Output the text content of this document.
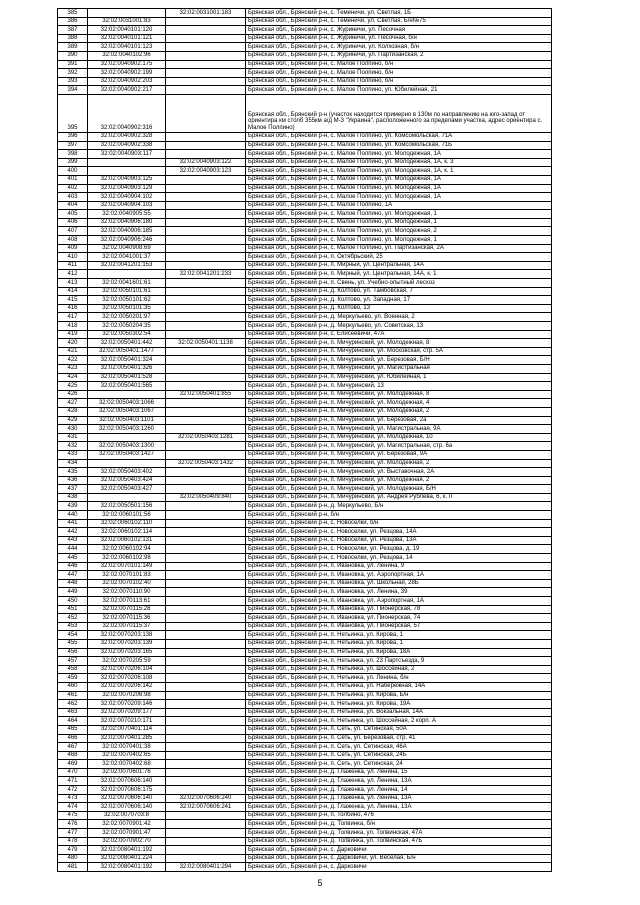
385		32:02:0031001:183	Брянская обл., Брянский р-н, с. Теменичи, ул. Светлая, 1Б
386	32:02:0031001:83		Брянская обл., Брянский р-н, с. Теменичи, ул. Светлая, Б/н№75
387	32:02:0040101:120		Брянская обл., Брянский р-н, с. Журиничи, ул. Песочная
388	32:02:0040101:121		Брянская обл., Брянский р-н, с. Журиничи, ул. Песочная, б/н
389	32:02:0040101:123		Брянская обл., Брянский р-н, с. Журиничи, ул. Колхозная, б/н
390	32:02:0040102:96		Брянская обл., Брянский р-н, с. Журиничи, ул. Партизанская, 2
391	32:02:0040902:175		Брянская обл., Брянский р-н, с. Малое Полпино, б/н
392	32:02:0040902:199		Брянская обл., Брянский р-н, с. Малое Полпино, б/н
393	32:02:0040902:203		Брянская обл., Брянский р-н, с. Малое Полпино, б/н
394	32:02:0040902:217		Брянская обл., Брянский р-н, с. Малое Полпино, ул. Юбилейная, 21
395	32:02:0040902:316		Брянская обл., Брянский р-н (участок находится примерно в 130м по направлению на юго-запад от ориентира км столб 355км а/д М-3 "Украина", расположенного за пределами участка, адрес ориентира с. Малое Полпино)
396	32:02:0040902:328		Брянская обл., Брянский р-н, с. Малое Полпино, ул. Комсомольская, 71А
397	32:02:0040902:338		Брянская обл., Брянский р-н, с. Малое Полпино, ул. Комсомольская, 71Б
398	32:02:0040903:117		Брянская обл., Брянский р-н, с. Малое Полпино, ул. Молодежная, 1А
399		32:02:0040903:122	Брянская обл., Брянский р-н, с. Малое Полпино, ул. Молодежная, 1А, к. 3
400		32:02:0040903:123	Брянская обл., Брянский р-н, с. Малое Полпино, ул. Молодежная, 1А, к. 1
401	32:02:0040903:125		Брянская обл., Брянский р-н, с. Малое Полпино, ул. Молодежная, 1А
402	32:02:0040903:129		Брянская обл., Брянский р-н, с. Малое Полпино, ул. Молодежная, 1А
403	32:02:0040904:102		Брянская обл., Брянский р-н, с. Малое Полпино, ул. Молодежная, 1А
404	32:02:0040904:103		Брянская обл., Брянский р-н, с. Малое Полпино, 1А
405	32:02:0040905:55		Брянская обл., Брянский р-н, с. Малое Полпино, ул. Молодежная, 1
406	32:02:0040906:180		Брянская обл., Брянский р-н, с. Малое Полпино, ул. Молодежная, 1
407	32:02:0040906:185		Брянская обл., Брянский р-н, с. Малое Полпино, ул. Молодежная, 2
408	32:02:0040906:246		Брянская обл., Брянский р-н, с. Малое Полпино, ул. Молодежная, 1
409	32:02:0040908:69		Брянская обл., Брянский р-н, с. Малое Полпино, ул. Партизанская, 2А
410	32:02:0041001:37		Брянская обл., Брянский р-н, п. Октябрьский, 25
411	32:02:0041201:153		Брянская обл., Брянский р-н, п. Мирный, ул. Центральная, 14А
412		32:02:0041201:233	Брянская обл., Брянский р-н, п. Мирный, ул. Центральная, 14А, к. 1
413	32:02:0041601:61		Брянская обл., Брянский р-н, п. Свень, ул. Учебно-опытный лесхоз
414	32:02:0050101:61		Брянская обл., Брянский р-н, д. Колтово, ул. Тамбовская, 7
415	32:02:0050101:62		Брянская обл., Брянский р-н, д. Колтово, ул. Западная, 17
416	32:02:0050101:35		Брянская обл., Брянский р-н, д. Колтово, 13
417	32:02:0050201:97		Брянская обл., Брянский р-н, д. Меркульево, ул. Военная, 2
418	32:02:0050204:35		Брянская обл., Брянский р-н, д. Меркульево, ул. Советская, 13
419	32:02:0050302:54		Брянская обл., Брянский р-н, с. Елисеевичи, 47А
420	32:02:0050401:442	32:02:0050401:1138	Брянская обл., Брянский р-н, п. Мичуринский, ул. Молодежная, 8
421	32:02:0050401:1477		Брянская обл., Брянский р-н, п. Мичуринский, ул. Московская, стр. 5А
422	32:02:0050401:324		Брянская обл., Брянский р-н, п. Мичуринский, ул. Березовая, Б/Н
423	32:02:0050401:326		Брянская обл., Брянский р-н, п. Мичуринский, ул. Магистральная
424	32:02:0050401:528		Брянская обл., Брянский р-н, п. Мичуринский, ул. Юбилейная, 1
425	32:02:0050401:565		Брянская обл., Брянский р-н, п. Мичуринский, 13
426		32:02:0050401:855	Брянская обл., Брянский р-н, п. Мичуринский, ул. Молодежная, 8
427	32:02:0050403:1066		Брянская обл., Брянский р-н, п. Мичуринский, ул. Молодежная, 4
428	32:02:0050403:1067		Брянская обл., Брянский р-н, п. Мичуринский, ул. Молодежная, 2
429	32:02:0050403:1101		Брянская обл., Брянский р-н, п. Мичуринский, ул. Березовая, 2а
430	32:02:0050403:1260		Брянская обл., Брянский р-н, п. Мичуринский, ул. Магистральная, 9А
431		32:02:0050403:1281	Брянская обл., Брянский р-н, п. Мичуринский, ул. Молодежная, 10
432	32:02:0050403:1300		Брянская обл., Брянский р-н, п. Мичуринский, ул. Магистральная, стр. 6а
433	32:02:0050403:1427		Брянская обл., Брянский р-н, п. Мичуринский, ул. Березовая, 9А
434		32:02:0050403:1432	Брянская обл., Брянский р-н, п. Мичуринский, ул. Молодежная, 2
435	32:02:0050403:402		Брянская обл., Брянский р-н, п. Мичуринский, ул. Выставочная, 2А
436	32:02:0050403:424		Брянская обл., Брянский р-н, п. Мичуринский, ул. Молодежная, 2
437	32:02:0050403:427		Брянская обл., Брянский р-н, п. Мичуринский, ул. Молодежная, Б/Н
438		32:02:0050409:840	Брянская обл., Брянский р-н, п. Мичуринский, ул. Андрея Рублева, 6, к. II
439	32:02:0050501:156		Брянская обл., Брянский р-н, д. Меркульево, Б/н
440	32:02:0060101:56		Брянская обл., Брянский р-н, б/н
441	32:02:0060102:110		Брянская обл., Брянский р-н, с. Новоселки, б/н
442	32:02:0060102:114		Брянская обл., Брянский р-н, с. Новоселки, ул. Резцова, 14А
443	32:02:0060102:131		Брянская обл., Брянский р-н, с. Новоселки, ул. Резцова, 13А
444	32:02:0060102:94		Брянская обл., Брянский р-н, с. Новоселки, ул. Резцова, д. 19
445	32:02:0060102:98		Брянская обл., Брянский р-н, с. Новоселки, ул. Резцова, 14
446	32:02:0070101:149		Брянская обл., Брянский р-н, п. Ивановка, ул. Ленина, 9
447	32:02:0070101:83		Брянская обл., Брянский р-н, п. Ивановка, ул. Аэропортная, 1А
448	32:02:0070102:40		Брянская обл., Брянский р-н, п. Ивановка, ул. Школьная, 28Б
449	32:02:0070110:90		Брянская обл., Брянский р-н, п. Ивановка, ул. Ленина, 39
450	32:02:0070113:61		Брянская обл., Брянский р-н, п. Ивановка, ул. Аэропортная, 1А
451	32:02:0070115:28		Брянская обл., Брянский р-н, п. Ивановка, ул. Пионерская, 78
452	32:02:0070115:36		Брянская обл., Брянский р-н, п. Ивановка, ул. Пионерская, 74
453	32:02:0070115:37		Брянская обл., Брянский р-н, п. Ивановка, ул. Пионерская, 57
454	32:02:0070203:138		Брянская обл., Брянский р-н, п. Нетьинка, ул. Кирова, 1
455	32:02:0070203:139		Брянская обл., Брянский р-н, п. Нетьинка, ул. Кирова, 1
456	32:02:0070203:165		Брянская обл., Брянский р-н, п. Нетьинка, ул. Кирова, 18А
457	32:02:0070205:59		Брянская обл., Брянский р-н, п. Нетьинка, ул. 23 Партсъезда, 9
458	32:02:0070206:104		Брянская обл., Брянский р-н, п. Нетьинка, ул. Шоссейная, 2
459	32:02:0070206:108		Брянская обл., Брянский р-н, п. Нетьинка, ул. Ленина, б/н
460	32:02:0070206:142		Брянская обл., Брянский р-н, п. Нетьинка, ул. Набережная, 14А
461	32:02:0070206:98		Брянская обл., Брянский р-н, п. Нетьинка, ул. Кирова, Б/н
462	32:02:0070209:146		Брянская обл., Брянский р-н, п. Нетьинка, ул. Кирова, 19А
463	32:02:0070209:177		Брянская обл., Брянский р-н, п. Нетьинка, ул. Вокзальная, 14А
464	32:02:0070210:171		Брянская обл., Брянский р-н, п. Нетьинка, ул. Шоссейная, 2 корп. А
465	32:02:0070401:114		Брянская обл., Брянский р-н, п. Сеть, ул. Сетинская, 50А
466	32:02:0070401:285		Брянская обл., Брянский р-н, п. Сеть, ул. Березовая, стр. 41
467	32:02:0070401:38		Брянская обл., Брянский р-н, п. Сеть, ул. Сетинская, 46А
468	32:02:0070402:65		Брянская обл., Брянский р-н, п. Сеть, ул. Сетинская, 24Б
469	32:02:0070402:68		Брянская обл., Брянский р-н, п. Сеть, ул. Сетинская, 24
470	32:02:0070601:76		Брянская обл., Брянский р-н, д. Глаженка, ул. Ленина, 15
471	32:02:0070606:140		Брянская обл., Брянский р-н, д. Глаженка, ул. Ленина, 13А
472	32:02:0070606:175		Брянская обл., Брянский р-н, д. Глаженка, ул. Ленина, 14
473	32:02:0070606:140	32:02:0070606:240	Брянская обл., Брянский р-н, д. Глаженка, ул. Ленина, 13А
474	32:02:0070606:140	32:02:0070606:241	Брянская обл., Брянский р-н, д. Глаженка, ул. Ленина, 13А
475	32:02:0070703:8		Брянская обл., Брянский р-н, п. Толбино, 476
476	32:02:0070901:42		Брянская обл., Брянский р-н, д. Толвинка, б/н
477	32:02:0070901:47		Брянская обл., Брянский р-н, д. Толвинка, ул. Толвинская, 47А
478	32:02:0070902:70		Брянская обл., Брянский р-н, д. Толвинка, ул. Толвинская, 47Б
479	32:02:0080401:192		Брянская обл., Брянский р-н, с. Дарковичи
480	32:02:0080401:224		Брянская обл., Брянский р-н, с. Дарковичи, ул. Веселая, Б/н
481	32:02:0080401:192	32:02:0080401:294	Брянская обл., Брянский р-н, с. Дарковичи
5
